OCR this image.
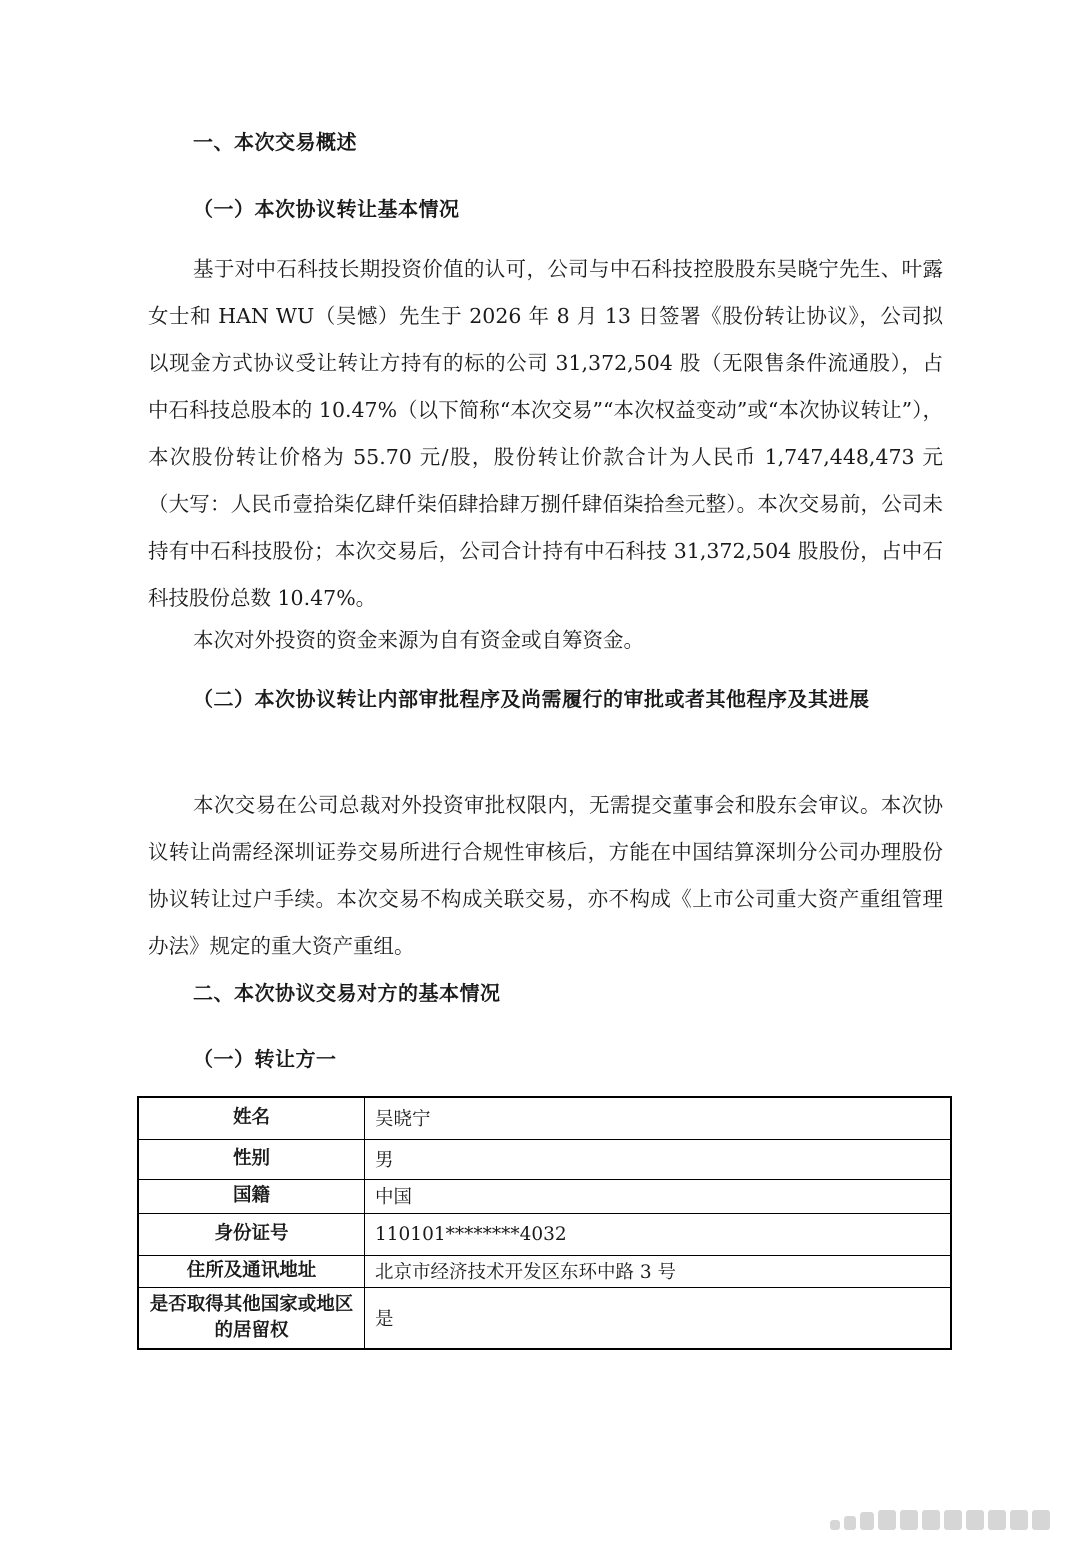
一、本次交易概述
（一）本次协议转让基本情况

基于对中石科技长期投资价值的认可，公司与中石科技控股股东吴晓宁先生、叶露女士和 HAN WU（吴憾）先生于 2026 年 8 月 13 日签署《股份转让协议》，公司拟以现金方式协议受让转让方持有的标的公司 31,372,504 股（无限售条件流通股），占中石科技总股本的 10.47%（以下简称“本次交易”“本次权益变动”或“本次协议转让”），本次股份转让价格为 55.70 元/股，股份转让价款合计为人民币 1,747,448,473 元（大写：人民币壹拾柒亿肆仟柒佰肆拾肆万捌仟肆佰柒拾叁元整）。本次交易前，公司未持有中石科技股份；本次交易后，公司合计持有中石科技 31,372,504 股股份，占中石科技股份总数 10.47%。

本次对外投资的资金来源为自有资金或自筹资金。

（二）本次协议转让内部审批程序及尚需履行的审批或者其他程序及其进展

本次交易在公司总裁对外投资审批权限内，无需提交董事会和股东会审议。本次协议转让尚需经深圳证券交易所进行合规性审核后，方能在中国结算深圳分公司办理股份协议转让过户手续。本次交易不构成关联交易，亦不构成《上市公司重大资产重组管理办法》规定的重大资产重组。

二、本次协议交易对方的基本情况
（一）转让方一
姓名	吴晓宁
性别	男
国籍	中国
身份证号	110101********4032
住所及通讯地址	北京市经济技术开发区东环中路 3 号
是否取得其他国家或地区的居留权	是
